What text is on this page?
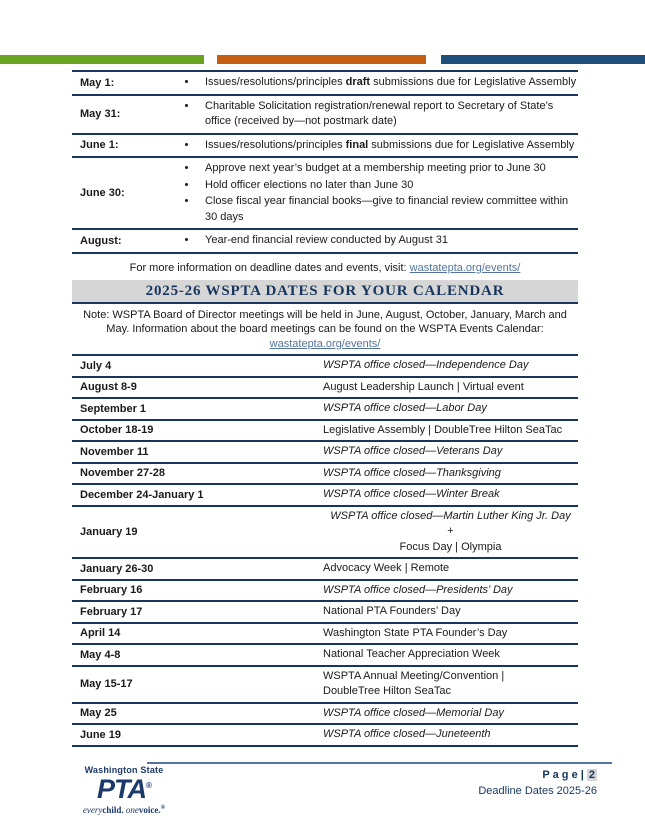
May 1:	• Issues/resolutions/principles draft submissions due for Legislative Assembly
May 31:
• Charitable Solicitation registration/renewal report to Secretary of State’s office (received by—not postmark date)
June 1:	• Issues/resolutions/principles final submissions due for Legislative Assembly
June 30:
• Approve next year’s budget at a membership meeting prior to June 30
• Hold officer elections no later than June 30
• Close fiscal year financial books—give to financial review committee within 30 days
August:	• Year-end financial review conducted by August 31
For more information on deadline dates and events, visit: wastatepta.org/events/
2025-26 WSPTA DATES FOR YOUR CALENDAR
Note: WSPTA Board of Director meetings will be held in June, August, October, January, March and May. Information about the board meetings can be found on the WSPTA Events Calendar:
wastatepta.org/events/
July 4	WSPTA office closed—Independence Day
August 8-9	August Leadership Launch | Virtual event
September 1	WSPTA office closed—Labor Day
October 18-19	Legislative Assembly | DoubleTree Hilton SeaTac
November 11	WSPTA office closed—Veterans Day
November 27-28	WSPTA office closed—Thanksgiving
December 24-January 1	WSPTA office closed—Winter Break
January 19
WSPTA office closed—Martin Luther King Jr. Day
+
Focus Day | Olympia
January 26-30	Advocacy Week | Remote
February 16	WSPTA office closed—Presidents’ Day
February 17	National PTA Founders’ Day
April 14	Washington State PTA Founder’s Day
May 4-8	National Teacher Appreciation Week
May 15-17
WSPTA Annual Meeting/Convention |
DoubleTree Hilton SeaTac
May 25	WSPTA office closed—Memorial Day
June 19	WSPTA office closed—Juneteenth
Washington State
PTA®
everychild. onevoice.®
P a g e | 2
Deadline Dates 2025-26
